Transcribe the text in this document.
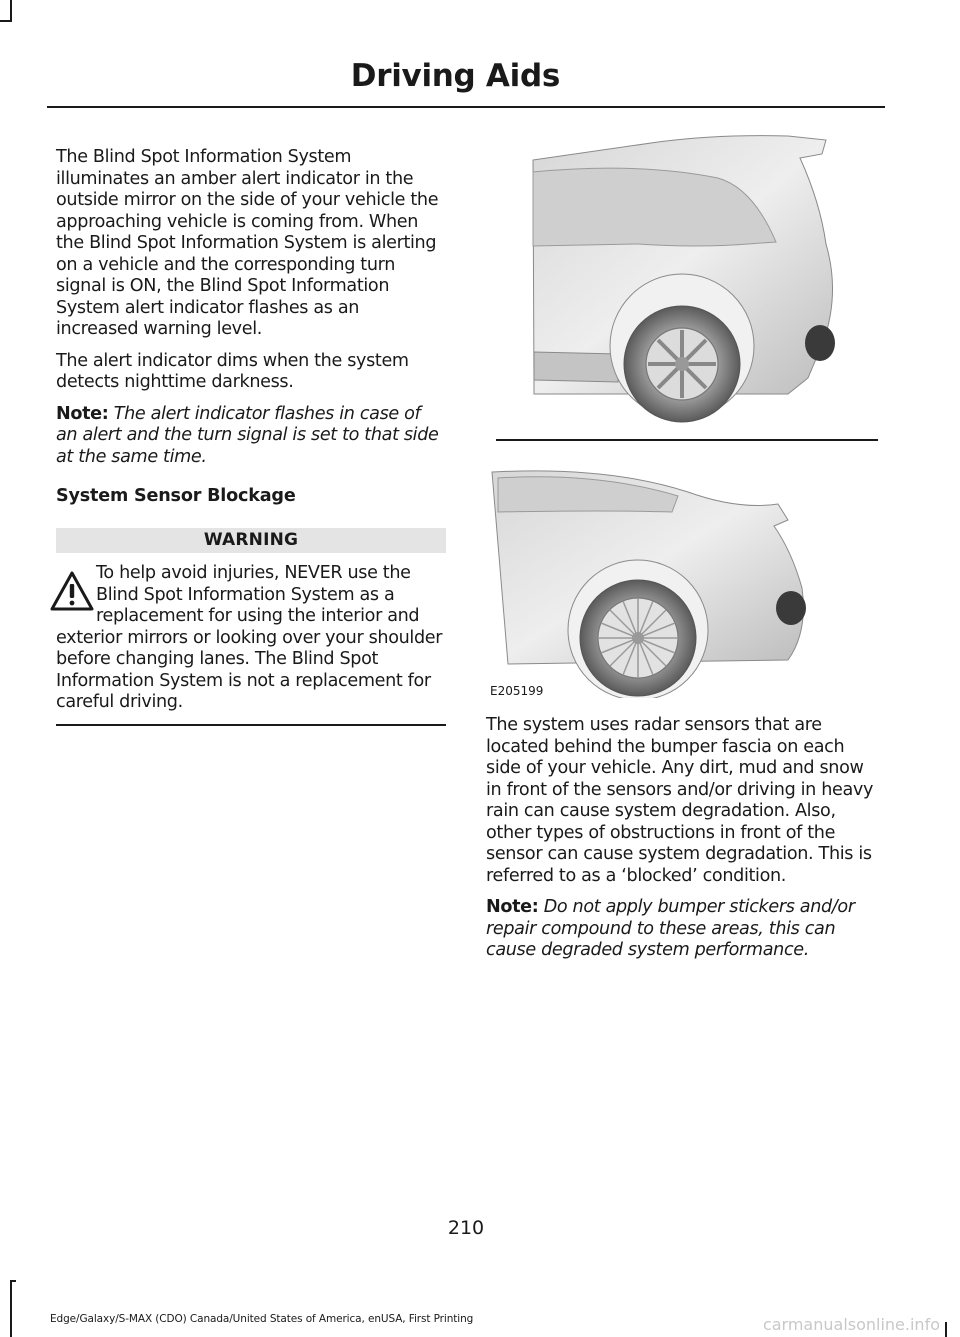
Driving Aids

The Blind Spot Information System illuminates an amber alert indicator in the outside mirror on the side of your vehicle the approaching vehicle is coming from. When the Blind Spot Information System is alerting on a vehicle and the corresponding turn signal is ON, the Blind Spot Information System alert indicator flashes as an increased warning level.

The alert indicator dims when the system detects nighttime darkness.

Note: The alert indicator flashes in case of an alert and the turn signal is set to that side at the same time.

System Sensor Blockage
WARNING
To help avoid injuries, NEVER use the Blind Spot Information System as a replacement for using the interior and exterior mirrors or looking over your shoulder before changing lanes. The Blind Spot Information System is not a replacement for careful driving.
E205199

The system uses radar sensors that are located behind the bumper fascia on each side of your vehicle. Any dirt, mud and snow in front of the sensors and/or driving in heavy rain can cause system degradation. Also, other types of obstructions in front of the sensor can cause system degradation. This is referred to as a ‘blocked’ condition.

Note: Do not apply bumper stickers and/or repair compound to these areas, this can cause degraded system performance.

210
Edge/Galaxy/S-MAX (CDO) Canada/United States of America, enUSA, First Printing	carmanualsonline.info
